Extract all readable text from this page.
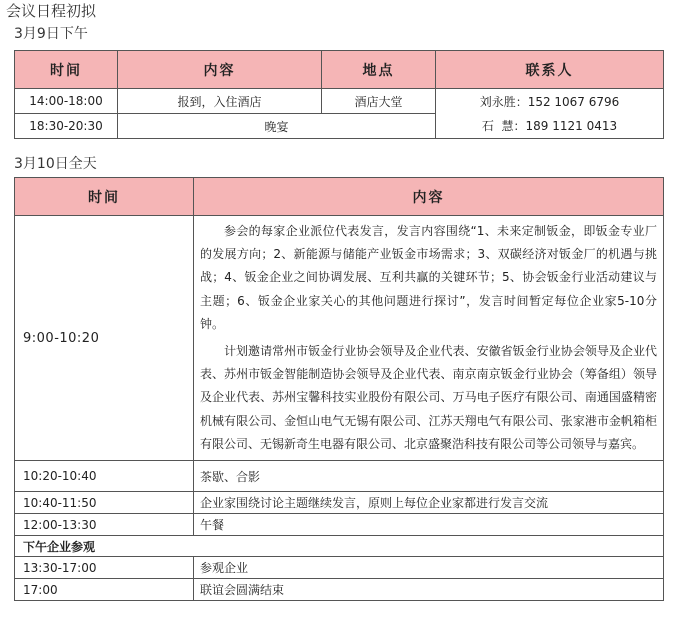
会议日程初拟
3月9日下午
时间	内容	地点	联系人
14:00-18:00	报到，入住酒店	酒店大堂	刘永胜：152 1067 6796
石  慧：189 1121 0413

18:30-20:30	晚宴		
3月10日全天
时间	内容
9:00-10:20	参会的每家企业派位代表发言，发言内容围绕“1、未来定制钣金，即钣金专业厂的发展方向；2、新能源与储能产业钣金市场需求；3、双碳经济对钣金厂的机遇与挑战；4、钣金企业之间协调发展、互利共赢的关键环节；5、协会钣金行业活动建议与主题；6、钣金企业家关心的其他问题进行探讨”，发言时间暂定每位企业家5-10分钟。

计划邀请常州市钣金行业协会领导及企业代表、安徽省钣金行业协会领导及企业代表、苏州市钣金智能制造协会领导及企业代表、南京南京钣金行业协会（筹备组）领导及企业代表、苏州宝馨科技实业股份有限公司、万马电子医疗有限公司、南通国盛精密机械有限公司、金恒山电气无锡有限公司、江苏天翔电气有限公司、张家港市金帆箱柜有限公司、无锡新奇生电器有限公司、北京盛聚浩科技有限公司等公司领导与嘉宾。

10:20-10:40	茶歇、合影
10:40-11:50	企业家围绕讨论主题继续发言，原则上每位企业家都进行发言交流
12:00-13:30	午餐
下午企业参观	
13:30-17:00	参观企业
17:00	联谊会圆满结束
